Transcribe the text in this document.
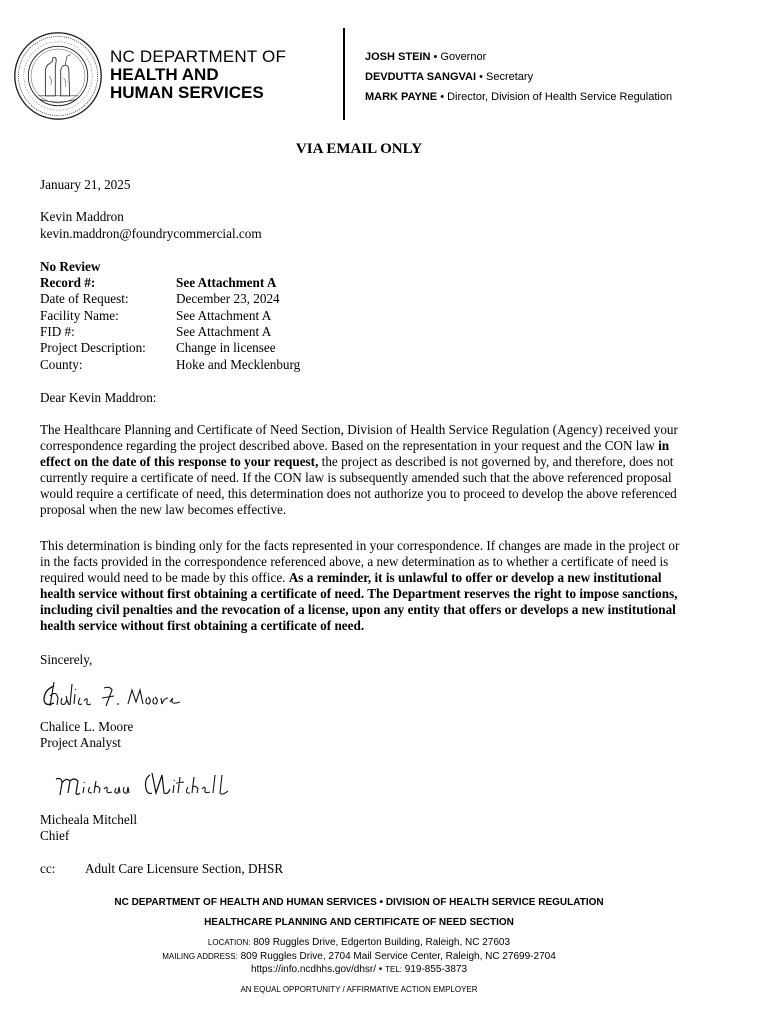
NC DEPARTMENT OF
HEALTH AND
HUMAN SERVICES
JOSH STEIN • Governor
DEVDUTTA SANGVAI • Secretary
MARK PAYNE • Director, Division of Health Service Regulation
VIA EMAIL ONLY
January 21, 2025
Kevin Maddron
kevin.maddron@foundrycommercial.com
No Review
Record #:	See Attachment A
Date of Request:	December 23, 2024
Facility Name:	See Attachment A
FID #:	See Attachment A
Project Description: Change in licensee
County:	Hoke and Mecklenburg
Dear Kevin Maddron:

The Healthcare Planning and Certificate of Need Section, Division of Health Service Regulation (Agency) received your correspondence regarding the project described above. Based on the representation in your request and the CON law in effect on the date of this response to your request, the project as described is not governed by, and therefore, does not currently require a certificate of need. If the CON law is subsequently amended such that the above referenced proposal would require a certificate of need, this determination does not authorize you to proceed to develop the above referenced proposal when the new law becomes effective.

This determination is binding only for the facts represented in your correspondence. If changes are made in the project or in the facts provided in the correspondence referenced above, a new determination as to whether a certificate of need is required would need to be made by this office. As a reminder, it is unlawful to offer or develop a new institutional health service without first obtaining a certificate of need. The Department reserves the right to impose sanctions, including civil penalties and the revocation of a license, upon any entity that offers or develops a new institutional health service without first obtaining a certificate of need.

Sincerely,
Chalice L. Moore
Project Analyst
Micheala Mitchell
Chief
cc: Adult Care Licensure Section, DHSR
NC DEPARTMENT OF HEALTH AND HUMAN SERVICES • DIVISION OF HEALTH SERVICE REGULATION
HEALTHCARE PLANNING AND CERTIFICATE OF NEED SECTION
LOCATION: 809 Ruggles Drive, Edgerton Building, Raleigh, NC 27603
MAILING ADDRESS: 809 Ruggles Drive, 2704 Mail Service Center, Raleigh, NC 27699-2704
https://info.ncdhhs.gov/dhsr/ • TEL: 919-855-3873
AN EQUAL OPPORTUNITY / AFFIRMATIVE ACTION EMPLOYER
